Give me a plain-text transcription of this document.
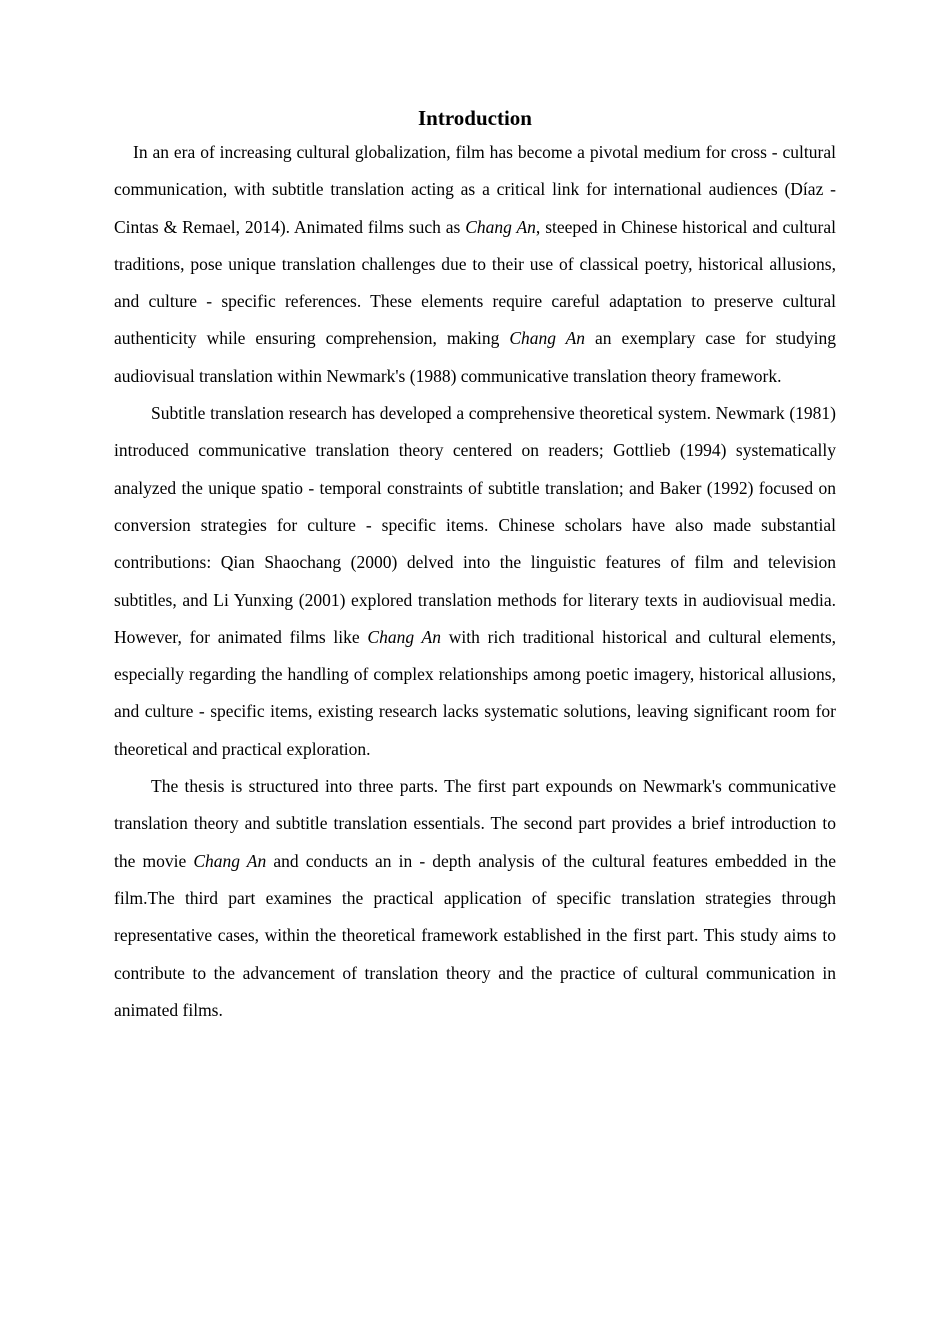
Introduction

In an era of increasing cultural globalization, film has become a pivotal medium for cross - cultural communication, with subtitle translation acting as a critical link for international audiences (Díaz - Cintas & Remael, 2014). Animated films such as Chang An, steeped in Chinese historical and cultural traditions, pose unique translation challenges due to their use of classical poetry, historical allusions, and culture - specific references. These elements require careful adaptation to preserve cultural authenticity while ensuring comprehension, making Chang An an exemplary case for studying audiovisual translation within Newmark's (1988) communicative translation theory framework.

Subtitle translation research has developed a comprehensive theoretical system. Newmark (1981) introduced communicative translation theory centered on readers; Gottlieb (1994) systematically analyzed the unique spatio - temporal constraints of subtitle translation; and Baker (1992) focused on conversion strategies for culture - specific items. Chinese scholars have also made substantial contributions: Qian Shaochang (2000) delved into the linguistic features of film and television subtitles, and Li Yunxing (2001) explored translation methods for literary texts in audiovisual media. However, for animated films like Chang An with rich traditional historical and cultural elements, especially regarding the handling of complex relationships among poetic imagery, historical allusions, and culture - specific items, existing research lacks systematic solutions, leaving significant room for theoretical and practical exploration.

The thesis is structured into three parts. The first part expounds on Newmark's communicative translation theory and subtitle translation essentials. The second part provides a brief introduction to the movie Chang An and conducts an in - depth analysis of the cultural features embedded in the film.The third part examines the practical application of specific translation strategies through representative cases, within the theoretical framework established in the first part. This study aims to contribute to the advancement of translation theory and the practice of cultural communication in animated films.
